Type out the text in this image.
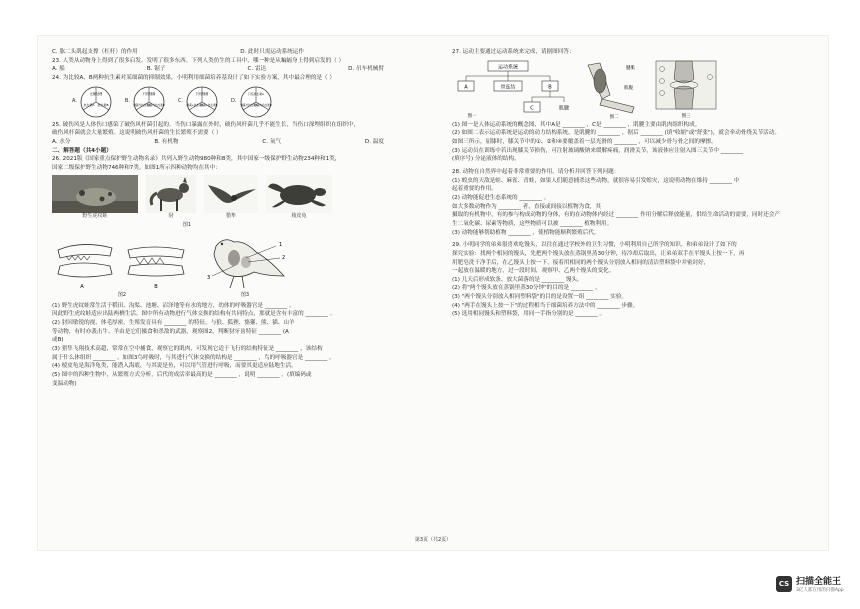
C. 肱二头肌起支撑（杠杆）的作用	D. 此时只需运动系统运作
23. 人类从动物身上得到了很多启发，发明了很多东西。下列人类仿生的工具中，哪一种是从蝙蝠身上得到启发的（ ）
A. 船	B. 锯子	C. 雷达	D. 吊车机械臂
24. 为比较A、B两种抗生素对某细菌的抑制效果，小明利用细菌培养基设计了如下实验方案，其中最合理的是（ ）
A.
无菌处理
抗生素A 抗生素B
B.
只有细菌
细菌与抗生素A
细菌与抗生素B
C.
只有细菌
细菌+抗生素A
细菌+抗生素B
D.
只有抗生素A
细菌与抗生素A
细菌与抗生素B
25. 破伤风是人体伤口感染了破伤风杆菌引起的。当伤口暴露在外时，破伤风杆菌几乎不能生长，当伤口深埋组织在组织中，
破伤风杆菌就会大量繁殖。这说明破伤风杆菌的生长繁殖不需要（ ）
A. 水分	B. 有机物	C. 氧气	D. 温度
二、解答题（共4小题）
26. 2021版《国家重点保护野生动物名录》共列入野生动物980种和8类，其中国家一级保护野生动物234种和1类，
国家二级保护野生动物746种和7类。如图1所示四种动物均在其中：
野生虎纹蛙	豺	猎隼	棱皮龟
图1
A	B
图2
1
2
3
图3
(1) 野生虎纹蛙常生活于稻田、沟渠、池塘、沼泽地等有水的地方，幼体的呼吸器官是 ________ 。
因此野生虎纹蛙适应出陆两栖生活。图中所有动物进行气体交换的结构有共同特点，那就是含有丰富的 ________ 。
(2) 豺因敏锐的视、体毛厚密，生殖发育具有 ________ 的特征，与狼、狐狸、貉獾、熊、猫、山羊
等动物，有时亦袭击牛、羊由是它们摄食和杀敌的武器，观察图2，判断豺牙齿特征 ________ (A
或B)
(3) 猎隼飞翔技术高超，常常在空中捕食，观察它的肌肉，可发现它适于飞行的结构特征是 ________ ，该结构
属于什么体组织 ________ 。如图3鸟呼吸时，与其进行气体交换的结构是 ________ ，鸟的呼吸器官是 ________ 。
(4) 棱皮龟是海洋龟类，能潜入海底，与其说是鱼，可以用气管进行呼吸，而要其更适应陆地生活。
(5) 图中的四种生物中，从繁殖方式分析，后代的成活率最高的是 ________ ，说明 ________ 。(填编码或
变温动物)
27. 运动主要通过运动系统来完成，请据图回答：
运动系统
A	骨连结	B
C	肌腱
图一
腱肌
肌腹
图二	图三
(1) 图一是人体运动系统的概念图，其中A是 ________ ，C是 ________ ，肌腱主要由肌肉组织构成。
(2) 如图二表示运动系统是运动的动力结构系统，是肌腱的 ________ ，据后 ________ (填"收缩"或"舒张")，就会牵动骨绕关节活动。
如图三所示，屈膝时，膝关节中的①、②和④要覆盖着一层光滑的 ________ ，可以减少骨与骨之间的摩擦。
(3) 运动员在训练中若出现膝关节损伤，可注射玻璃酸钠来缓解疼痛，润滑关节，该液体应注射入图三关节中 ________
(填序号) 分泌液体的结构。
28. 动物在自然界中起着非常重要的作用，请分析并回答下列问题：
(1) 蝗虫的天敌是蛙、麻雀、青蛙，如果人们随意捕杀这些动物，就很容易引发蝗灾，这说明动物在维持 ________ 中
起着重要的作用。
(2) 动物能促进生态系统的 ________ 。
如大多数动物作为 ________ 者，直接或间接以植物为食，其
摄取的有机物中，有的参与构成动物的身体，有的在动物体内经过 ________ 作用分解后释放能量，供给生命活动的需要，同时还会产
生二氧化碳、尿素等物质，这些物质可以被 ________ 植物利用。
(3) 动物能够帮助植物 ________ ，使植物能顺利繁殖后代。
29. 小明同学的弟弟很喜欢吃馒头，以往在通过学校外的卫生习惯，小明利用自己所学的知识，和弟弟设计了如下的
探究实验：找两个相同的馒头，先把两个馒头放在蒸锅里蒸30分钟，待冷却后取出，让弟弟双手在平馒头上按一下，再
用肥皂洗干净手后，在乙馒头上按一下。接着用相同的两个馒头分别放入相同的清洁塑料袋中并密封好，
一起放在温暖的地方，过一段时间，观察甲、乙两个馒头的变化。
(1) 几天后形成软条、放大菌落的是 ________ 馒头。
(2) 将"两个馒头放在蒸锅里蒸30分钟"的目的是 ________ 。
(3) "两个馒头分别放入相同塑料袋"的目的是设置一组 ________ 实验。
(4) "两手在馒头上按一下"的过程相当于细菌培养方法中的 ________ 步骤。
(5) 选用相同馒头和塑料袋，用同一手指分别的是 ________ 。
第3页（共2页）
CS 扫描全能王
3亿人都在用的扫描App
